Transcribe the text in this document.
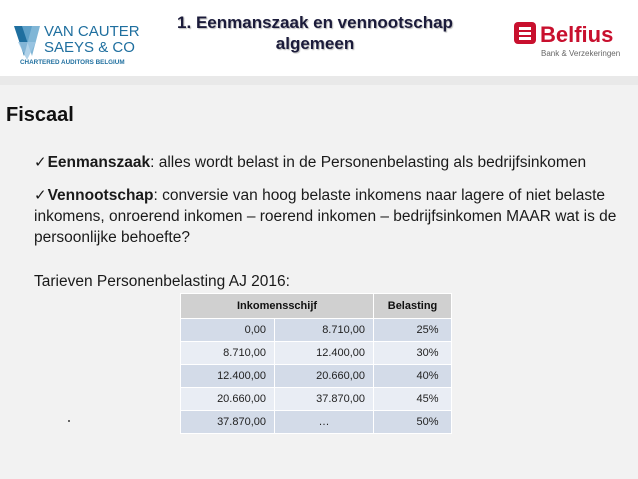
VAN CAUTER
SAEYS & CO
CHARTERED AUDITORS BELGIUM
1. Eenmanszaak en vennootschap
algemeen	Belfius
Bank & Verzekeringen
Fiscaal
✓Eenmanszaak: alles wordt belast in de Personenbelasting als bedrijfsinkomen
✓Vennootschap: conversie van hoog belaste inkomens naar lagere of niet belaste
inkomens, onroerend inkomen – roerend inkomen – bedrijfsinkomen MAAR wat is de
persoonlijke behoefte?
Tarieven Personenbelasting AJ 2016:
Inkomensschijf		Belasting
0,00	8.710,00	25%
8.710,00	12.400,00	30%
12.400,00	20.660,00	40%
20.660,00	37.870,00	45%
37.870,00	…	50%
